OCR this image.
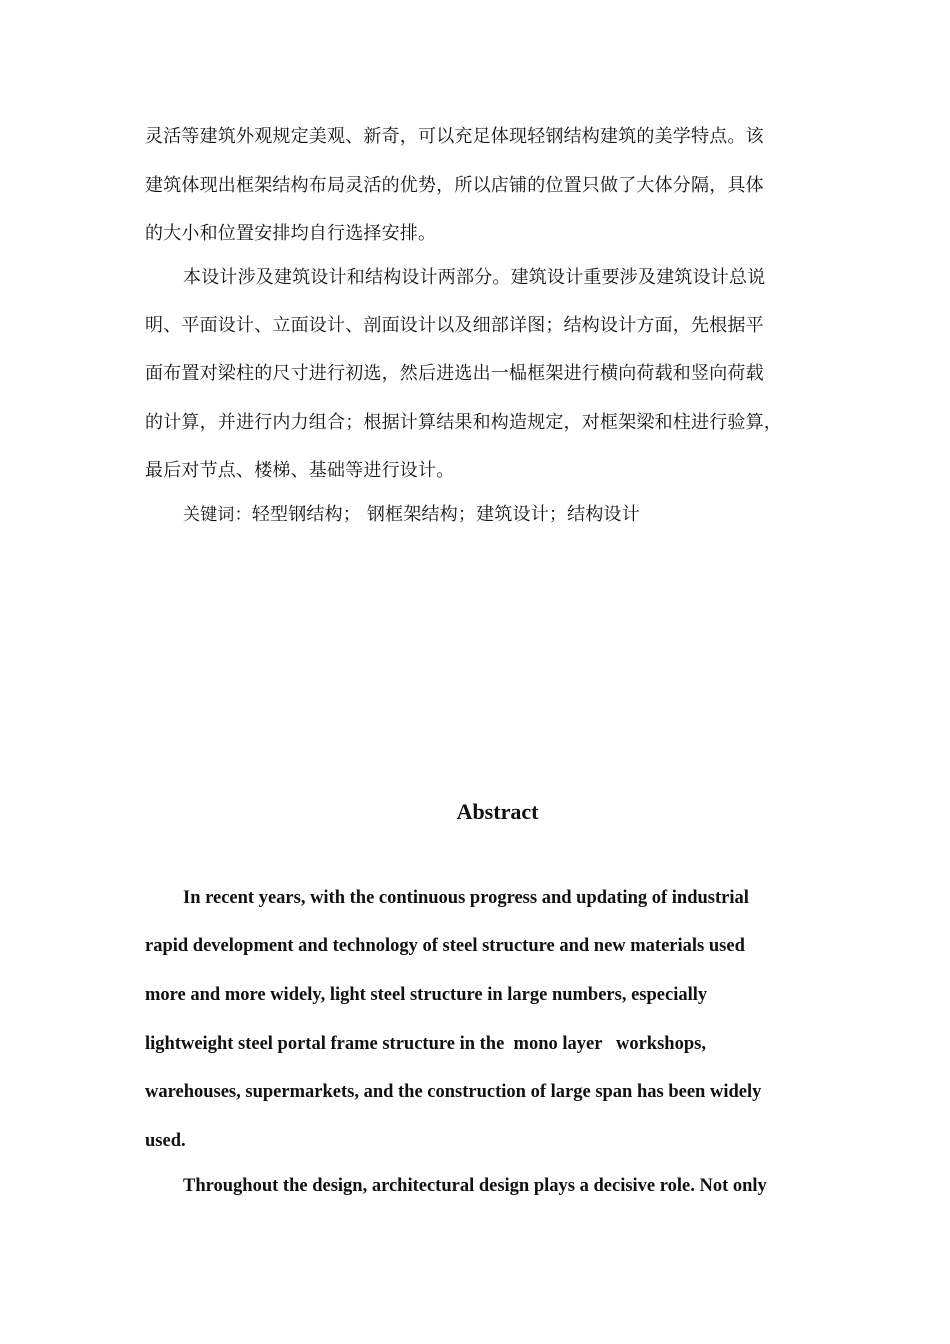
灵活等建筑外观规定美观、新奇，可以充足体现轻钢结构建筑的美学特点。该
建筑体现出框架结构布局灵活的优势，所以店铺的位置只做了大体分隔，具体
的大小和位置安排均自行选择安排。
本设计涉及建筑设计和结构设计两部分。建筑设计重要涉及建筑设计总说
明、平面设计、立面设计、剖面设计以及细部详图；结构设计方面，先根据平
面布置对梁柱的尺寸进行初选，然后进选出一榀框架进行横向荷载和竖向荷载
的计算，并进行内力组合；根据计算结果和构造规定，对框架梁和柱进行验算，
最后对节点、楼梯、基础等进行设计。
关键词：轻型钢结构； 钢框架结构；建筑设计；结构设计
Abstract
In recent years, with the continuous progress and updating of industrial
rapid development and technology of steel structure and new materials used
more and more widely, light steel structure in large numbers, especially
lightweight steel portal frame structure in the  mono layer   workshops,
warehouses, supermarkets, and the construction of large span has been widely
used.
Throughout the design, architectural design plays a decisive role. Not only
